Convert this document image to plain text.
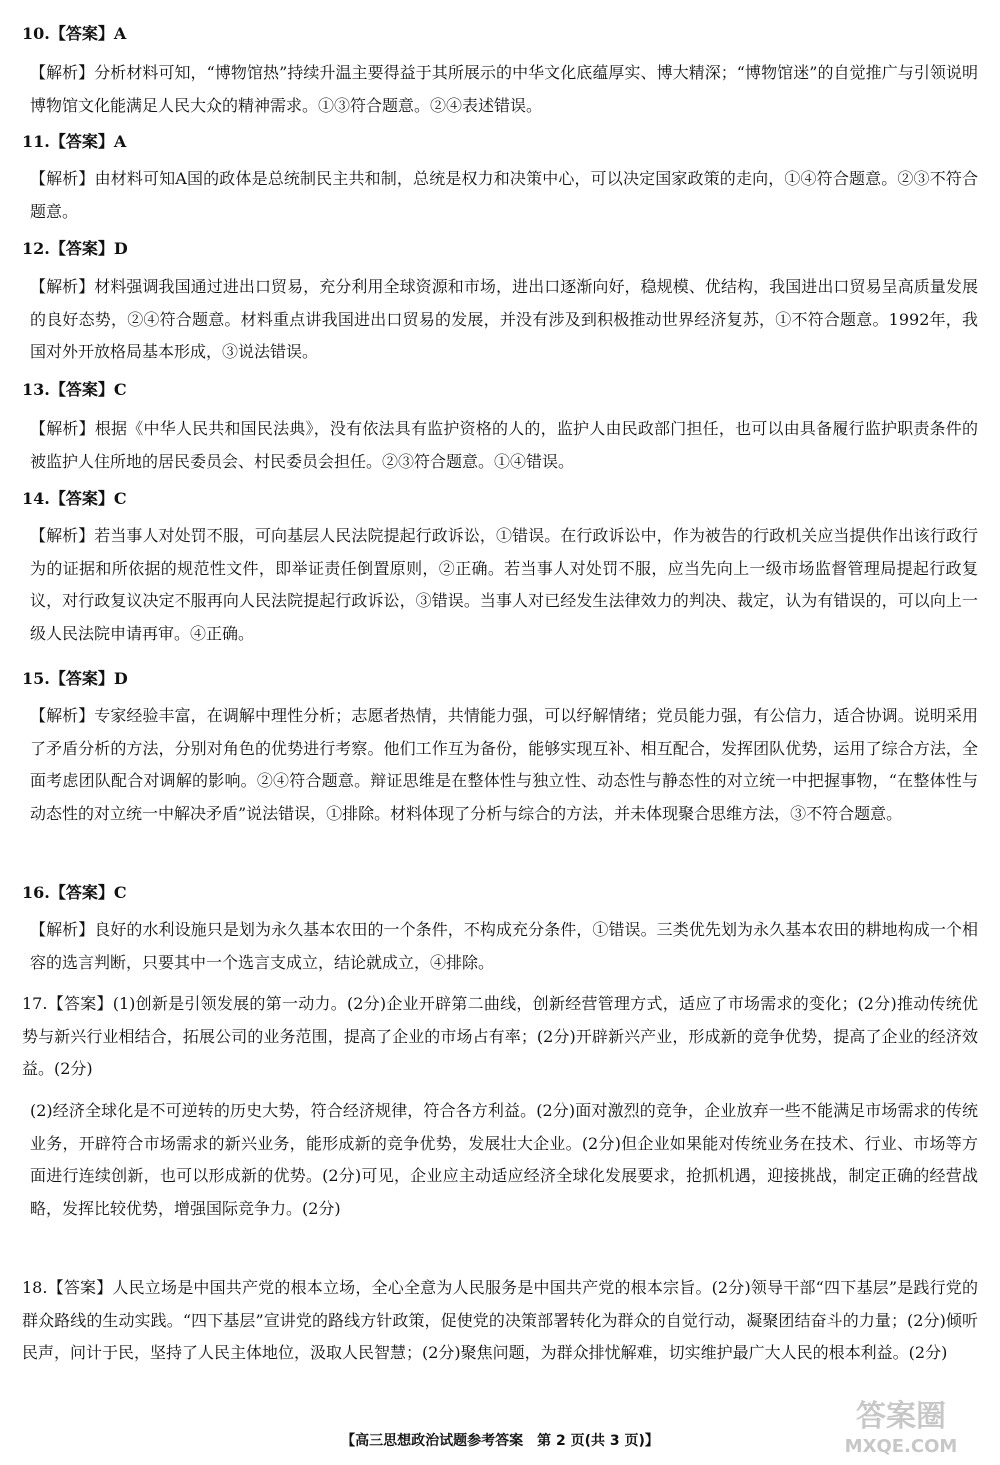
10.【答案】A

【解析】分析材料可知，“博物馆热”持续升温主要得益于其所展示的中华文化底蕴厚实、博大精深；“博物馆迷”的自觉推广与引领说明博物馆文化能满足人民大众的精神需求。①③符合题意。②④表述错误。

11.【答案】A

【解析】由材料可知A国的政体是总统制民主共和制，总统是权力和决策中心，可以决定国家政策的走向，①④符合题意。②③不符合题意。

12.【答案】D

【解析】材料强调我国通过进出口贸易，充分利用全球资源和市场，进出口逐渐向好，稳规模、优结构，我国进出口贸易呈高质量发展的良好态势，②④符合题意。材料重点讲我国进出口贸易的发展，并没有涉及到积极推动世界经济复苏，①不符合题意。1992年，我国对外开放格局基本形成，③说法错误。

13.【答案】C

【解析】根据《中华人民共和国民法典》，没有依法具有监护资格的人的，监护人由民政部门担任，也可以由具备履行监护职责条件的被监护人住所地的居民委员会、村民委员会担任。②③符合题意。①④错误。

14.【答案】C

【解析】若当事人对处罚不服，可向基层人民法院提起行政诉讼，①错误。在行政诉讼中，作为被告的行政机关应当提供作出该行政行为的证据和所依据的规范性文件，即举证责任倒置原则，②正确。若当事人对处罚不服，应当先向上一级市场监督管理局提起行政复议，对行政复议决定不服再向人民法院提起行政诉讼，③错误。当事人对已经发生法律效力的判决、裁定，认为有错误的，可以向上一级人民法院申请再审。④正确。

15.【答案】D

【解析】专家经验丰富，在调解中理性分析；志愿者热情，共情能力强，可以纾解情绪；党员能力强，有公信力，适合协调。说明采用了矛盾分析的方法，分别对角色的优势进行考察。他们工作互为备份，能够实现互补、相互配合，发挥团队优势，运用了综合方法，全面考虑团队配合对调解的影响。②④符合题意。辩证思维是在整体性与独立性、动态性与静态性的对立统一中把握事物，“在整体性与动态性的对立统一中解决矛盾”说法错误，①排除。材料体现了分析与综合的方法，并未体现聚合思维方法，③不符合题意。

16.【答案】C

【解析】良好的水利设施只是划为永久基本农田的一个条件，不构成充分条件，①错误。三类优先划为永久基本农田的耕地构成一个相容的选言判断，只要其中一个选言支成立，结论就成立，④排除。

17.【答案】(1)创新是引领发展的第一动力。(2分)企业开辟第二曲线，创新经营管理方式，适应了市场需求的变化；(2分)推动传统优势与新兴行业相结合，拓展公司的业务范围，提高了企业的市场占有率；(2分)开辟新兴产业，形成新的竞争优势，提高了企业的经济效益。(2分)

(2)经济全球化是不可逆转的历史大势，符合经济规律，符合各方利益。(2分)面对激烈的竞争，企业放弃一些不能满足市场需求的传统业务，开辟符合市场需求的新兴业务，能形成新的竞争优势，发展壮大企业。(2分)但企业如果能对传统业务在技术、行业、市场等方面进行连续创新，也可以形成新的优势。(2分)可见，企业应主动适应经济全球化发展要求，抢抓机遇，迎接挑战，制定正确的经营战略，发挥比较优势，增强国际竞争力。(2分)

18.【答案】人民立场是中国共产党的根本立场，全心全意为人民服务是中国共产党的根本宗旨。(2分)领导干部“四下基层”是践行党的群众路线的生动实践。“四下基层”宣讲党的路线方针政策，促使党的决策部署转化为群众的自觉行动，凝聚团结奋斗的力量；(2分)倾听民声，问计于民，坚持了人民主体地位，汲取人民智慧；(2分)聚焦问题，为群众排忧解难，切实维护最广大人民的根本利益。(2分)

【高三思想政治试题参考答案　第 2 页(共 3 页)】
答案圈
MXQE.COM
